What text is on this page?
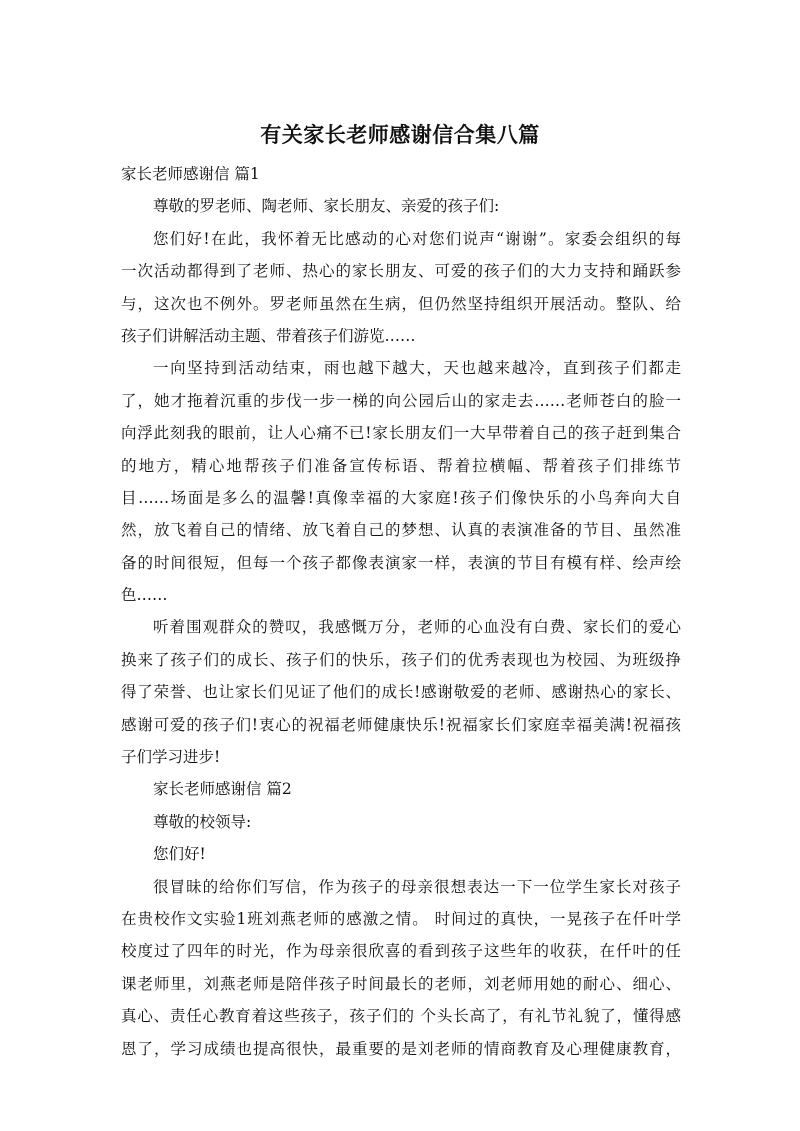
有关家长老师感谢信合集八篇
家长老师感谢信 篇1
尊敬的罗老师、陶老师、家长朋友、亲爱的孩子们:
您们好!在此，我怀着无比感动的心对您们说声“谢谢”。家委会组织的每
一次活动都得到了老师、热心的家长朋友、可爱的孩子们的大力支持和踊跃参
与，这次也不例外。罗老师虽然在生病，但仍然坚持组织开展活动。整队、给
孩子们讲解活动主题、带着孩子们游览……
一向坚持到活动结束，雨也越下越大，天也越来越冷，直到孩子们都走
了，她才拖着沉重的步伐一步一梯的向公园后山的家走去……老师苍白的脸一
向浮此刻我的眼前，让人心痛不已!家长朋友们一大早带着自己的孩子赶到集合
的地方，精心地帮孩子们准备宣传标语、帮着拉横幅、帮着孩子们排练节
目……场面是多么的温馨!真像幸福的大家庭!孩子们像快乐的小鸟奔向大自
然，放飞着自己的情绪、放飞着自己的梦想、认真的表演准备的节目、虽然准
备的时间很短，但每一个孩子都像表演家一样，表演的节目有模有样、绘声绘
色……
听着围观群众的赞叹，我感慨万分，老师的心血没有白费、家长们的爱心
换来了孩子们的成长、孩子们的快乐，孩子们的优秀表现也为校园、为班级挣
得了荣誉、也让家长们见证了他们的成长!感谢敬爱的老师、感谢热心的家长、
感谢可爱的孩子们!衷心的祝福老师健康快乐!祝福家长们家庭幸福美满!祝福孩
子们学习进步!
家长老师感谢信 篇2
尊敬的校领导:
您们好!
很冒昧的给你们写信，作为孩子的母亲很想表达一下一位学生家长对孩子
在贵校作文实验1班刘燕老师的感激之情。 时间过的真快，一晃孩子在仟叶学
校度过了四年的时光，作为母亲很欣喜的看到孩子这些年的收获，在仟叶的任
课老师里，刘燕老师是陪伴孩子时间最长的老师，刘老师用她的耐心、细心、
真心、责任心教育着这些孩子，孩子们的 个头长高了，有礼节礼貌了，懂得感
恩了，学习成绩也提高很快，最重要的是刘老师的情商教育及心理健康教育，
